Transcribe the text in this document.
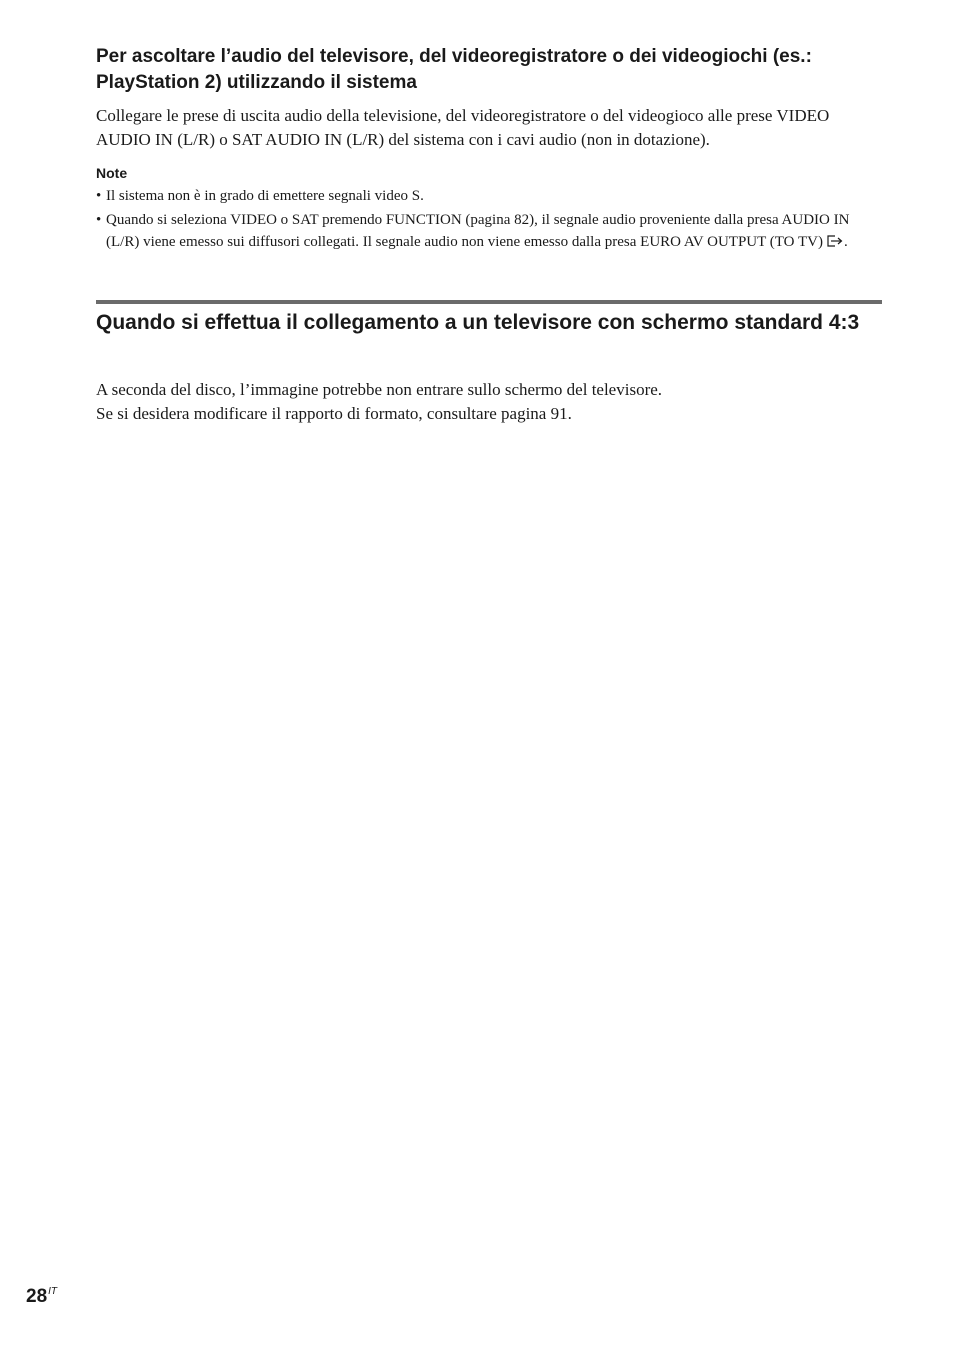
Per ascoltare l’audio del televisore, del videoregistratore o dei videogiochi (es.: PlayStation 2) utilizzando il sistema

Collegare le prese di uscita audio della televisione, del videoregistratore o del videogioco alle prese VIDEO AUDIO IN (L/R) o SAT AUDIO IN (L/R) del sistema con i cavi audio (non in dotazione).

Note

• Il sistema non è in grado di emettere segnali video S.
• Quando si seleziona VIDEO o SAT premendo FUNCTION (pagina 82), il segnale audio proveniente dalla presa AUDIO IN (L/R) viene emesso sui diffusori collegati. Il segnale audio non viene emesso dalla presa EURO AV OUTPUT (TO TV) .
Quando si effettua il collegamento a un televisore con schermo standard 4:3
A seconda del disco, l’immagine potrebbe non entrare sullo schermo del televisore.
Se si desidera modificare il rapporto di formato, consultare pagina 91.
$28^{IT}$
